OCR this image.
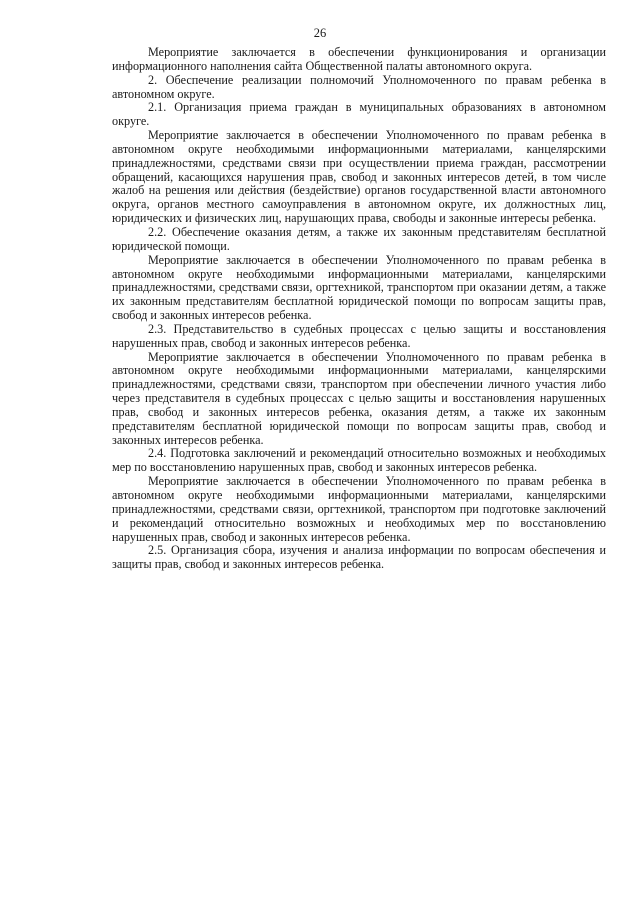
26

Мероприятие заключается в обеспечении функционирования и организации информационного наполнения сайта Общественной палаты автономного округа.

2. Обеспечение реализации полномочий Уполномоченного по правам ребенка в автономном округе.

2.1. Организация приема граждан в муниципальных образованиях в автономном округе.

Мероприятие заключается в обеспечении Уполномоченного по правам ребенка в автономном округе необходимыми информационными материалами, канцелярскими принадлежностями, средствами связи при осуществлении приема граждан, рассмотрении обращений, касающихся нарушения прав, свобод и законных интересов детей, в том числе жалоб на решения или действия (бездействие) органов государственной власти автономного округа, органов местного самоуправления в автономном округе, их должностных лиц, юридических и физических лиц, нарушающих права, свободы и законные интересы ребенка.

2.2. Обеспечение оказания детям, а также их законным представителям бесплатной юридической помощи.

Мероприятие заключается в обеспечении Уполномоченного по правам ребенка в автономном округе необходимыми информационными материалами, канцелярскими принадлежностями, средствами связи, оргтехникой, транспортом при оказании детям, а также их законным представителям бесплатной юридической помощи по вопросам защиты прав, свобод и законных интересов ребенка.

2.3. Представительство в судебных процессах с целью защиты и восстановления нарушенных прав, свобод и законных интересов ребенка.

Мероприятие заключается в обеспечении Уполномоченного по правам ребенка в автономном округе необходимыми информационными материалами, канцелярскими принадлежностями, средствами связи, транспортом при обеспечении личного участия либо через представителя в судебных процессах с целью защиты и восстановления нарушенных прав, свобод и законных интересов ребенка, оказания детям, а также их законным представителям бесплатной юридической помощи по вопросам защиты прав, свобод и законных интересов ребенка.

2.4. Подготовка заключений и рекомендаций относительно возможных и необходимых мер по восстановлению нарушенных прав, свобод и законных интересов ребенка.

Мероприятие заключается в обеспечении Уполномоченного по правам ребенка в автономном округе необходимыми информационными материалами, канцелярскими принадлежностями, средствами связи, оргтехникой, транспортом при подготовке заключений и рекомендаций относительно возможных и необходимых мер по восстановлению нарушенных прав, свобод и законных интересов ребенка.

2.5. Организация сбора, изучения и анализа информации по вопросам обеспечения и защиты прав, свобод и законных интересов ребенка.
